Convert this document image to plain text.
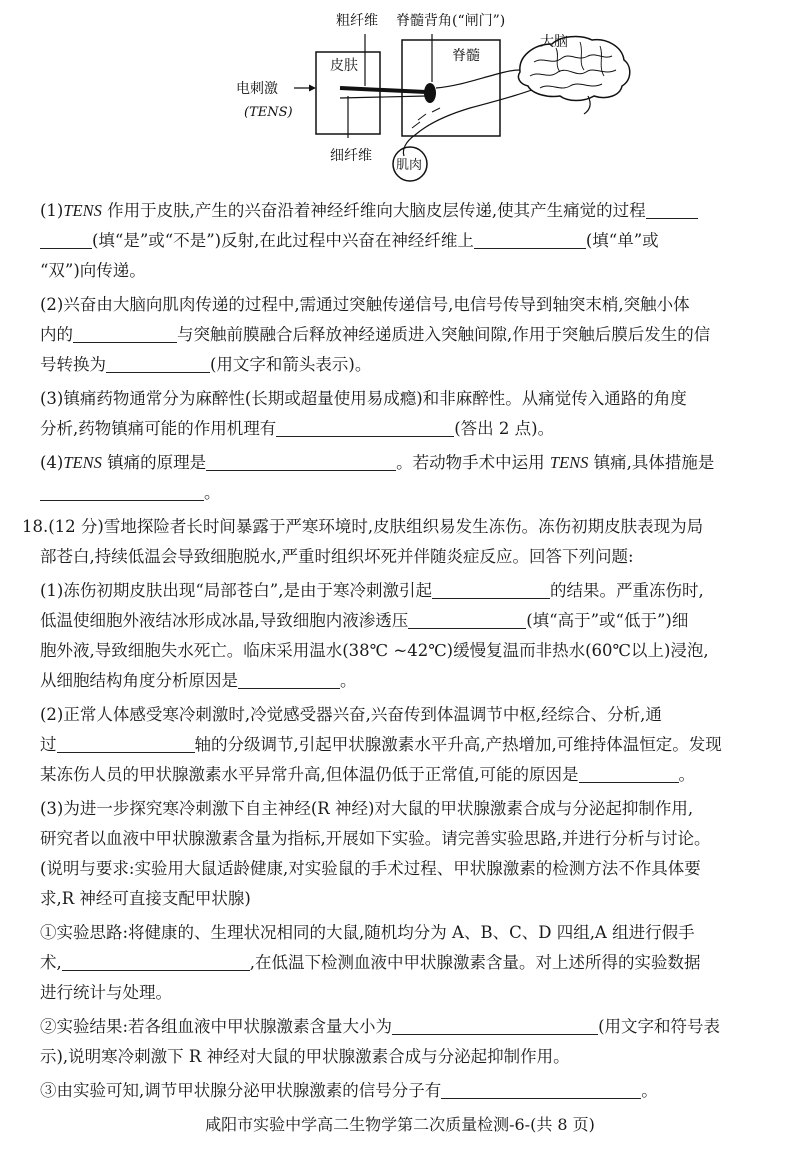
粗纤维 脊髓背角(“闸门”)
皮肤
脊髓
大脑
电刺激
(TENS)
细纤维
肌肉
(1)TENS 作用于皮肤,产生的兴奋沿着神经纤维向大脑皮层传递,使其产生痛觉的过程
(填“是”或“不是”)反射,在此过程中兴奋在神经纤维上	(填“单”或
“双”)向传递。
(2)兴奋由大脑向肌肉传递的过程中,需通过突触传递信号,电信号传导到轴突末梢,突触小体
内的	与突触前膜融合后释放神经递质进入突触间隙,作用于突触后膜后发生的信
号转换为	(用文字和箭头表示)。
(3)镇痛药物通常分为麻醉性(长期或超量使用易成瘾)和非麻醉性。从痛觉传入通路的角度
分析,药物镇痛可能的作用机理有	(答出 2 点)。
(4)TENS 镇痛的原理是	。若动物手术中运用 TENS 镇痛,具体措施是
。
18.(12 分)雪地探险者长时间暴露于严寒环境时,皮肤组织易发生冻伤。冻伤初期皮肤表现为局
部苍白,持续低温会导致细胞脱水,严重时组织坏死并伴随炎症反应。回答下列问题:
(1)冻伤初期皮肤出现“局部苍白”,是由于寒冷刺激引起	的结果。严重冻伤时,
低温使细胞外液结冰形成冰晶,导致细胞内液渗透压	(填“高于”或“低于”)细
胞外液,导致细胞失水死亡。临床采用温水(38℃ ~42℃)缓慢复温而非热水(60℃以上)浸泡,
从细胞结构角度分析原因是	。
(2)正常人体感受寒冷刺激时,冷觉感受器兴奋,兴奋传到体温调节中枢,经综合、分析,通
过	轴的分级调节,引起甲状腺激素水平升高,产热增加,可维持体温恒定。发现
某冻伤人员的甲状腺激素水平异常升高,但体温仍低于正常值,可能的原因是	。
(3)为进一步探究寒冷刺激下自主神经(R 神经)对大鼠的甲状腺激素合成与分泌起抑制作用,
研究者以血液中甲状腺激素含量为指标,开展如下实验。请完善实验思路,并进行分析与讨论。
(说明与要求:实验用大鼠适龄健康,对实验鼠的手术过程、甲状腺激素的检测方法不作具体要
求,R 神经可直接支配甲状腺)
①实验思路:将健康的、生理状况相同的大鼠,随机均分为 A、B、C、D 四组,A 组进行假手
术,	,在低温下检测血液中甲状腺激素含量。对上述所得的实验数据
进行统计与处理。
②实验结果:若各组血液中甲状腺激素含量大小为	(用文字和符号表
示),说明寒冷刺激下 R 神经对大鼠的甲状腺激素合成与分泌起抑制作用。
③由实验可知,调节甲状腺分泌甲状腺激素的信号分子有	。
咸阳市实验中学高二生物学第二次质量检测-6-(共 8 页)
